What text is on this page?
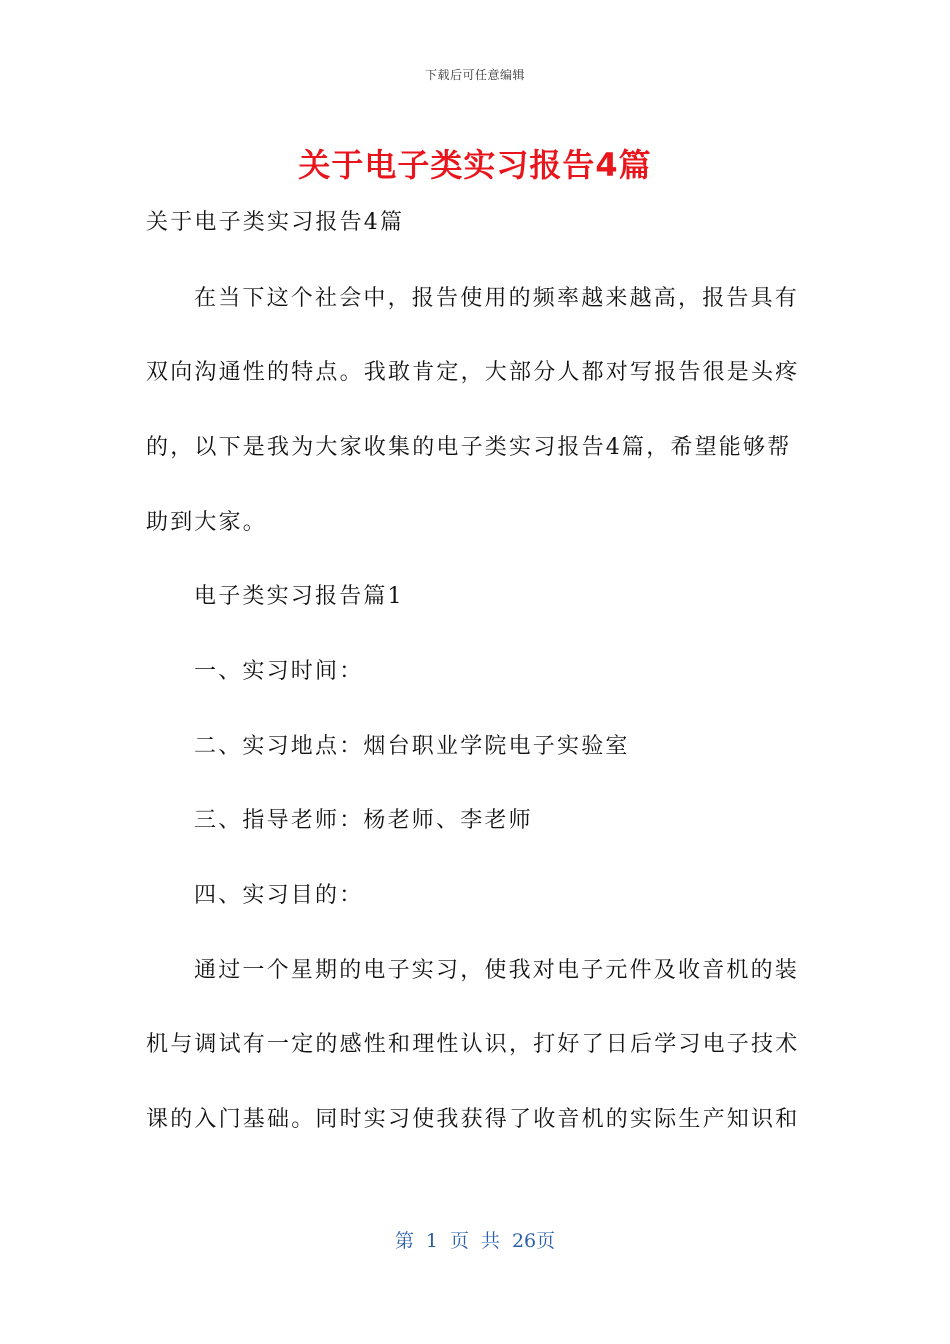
下载后可任意编辑
关于电子类实习报告4篇
关于电子类实习报告4篇
在当下这个社会中，报告使用的频率越来越高，报告具有
双向沟通性的特点。我敢肯定，大部分人都对写报告很是头疼
的，以下是我为大家收集的电子类实习报告4篇，希望能够帮
助到大家。
电子类实习报告篇1
一、实习时间：
二、实习地点：烟台职业学院电子实验室
三、指导老师：杨老师、李老师
四、实习目的：
通过一个星期的电子实习，使我对电子元件及收音机的装
机与调试有一定的感性和理性认识，打好了日后学习电子技术
课的入门基础。同时实习使我获得了收音机的实际生产知识和
第 1 页 共 26页
